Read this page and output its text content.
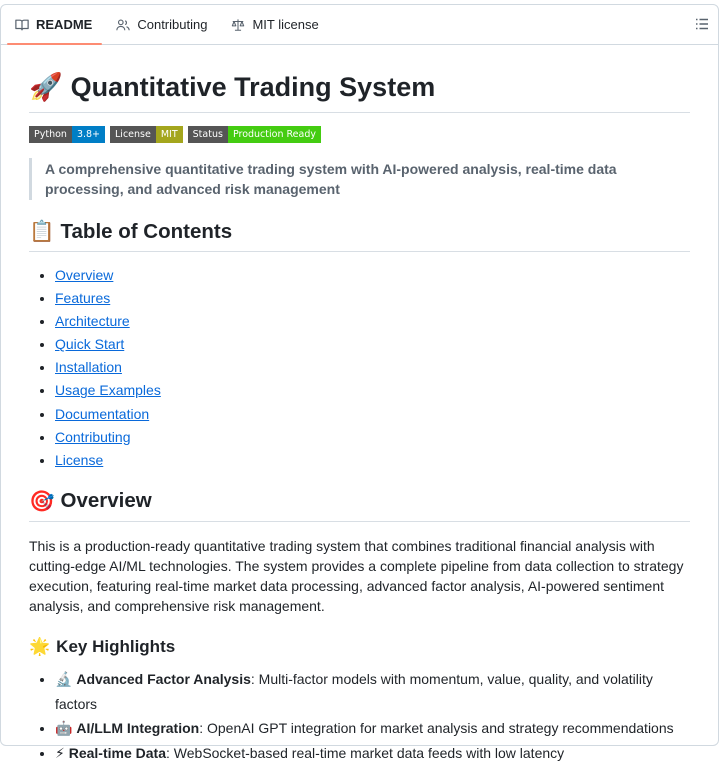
README	Contributing	MIT license
🚀 Quantitative Trading System
Python	3.8+	License	MIT	Status	Production Ready
A comprehensive quantitative trading system with AI-powered analysis, real-time data processing, and advanced risk management
📋 Table of Contents
• Overview
• Features
• Architecture
• Quick Start
• Installation
• Usage Examples
• Documentation
• Contributing
• License
🎯 Overview

This is a production-ready quantitative trading system that combines traditional financial analysis with cutting-edge AI/ML technologies. The system provides a complete pipeline from data collection to strategy execution, featuring real-time market data processing, advanced factor analysis, AI-powered sentiment analysis, and comprehensive risk management.

🌟 Key Highlights
• 🔬 Advanced Factor Analysis: Multi-factor models with momentum, value, quality, and volatility factors
• 🤖 AI/LLM Integration: OpenAI GPT integration for market analysis and strategy recommendations
• ⚡ Real-time Data: WebSocket-based real-time market data feeds with low latency
